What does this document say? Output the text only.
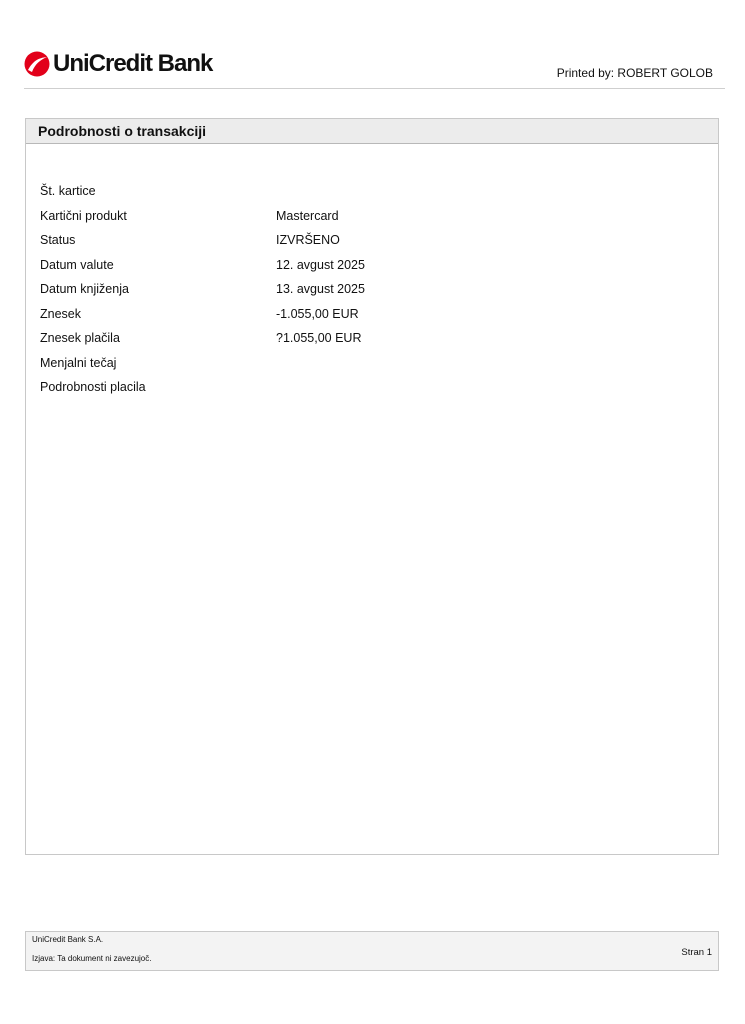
UniCredit Bank	Printed by: ROBERT GOLOB
Podrobnosti o transakciji
Št. kartice
Kartični produkt	Mastercard
Status	IZVRŠENO
Datum valute	12. avgust 2025
Datum knjiženja	13. avgust 2025
Znesek	-1.055,00 EUR
Znesek plačila	?1.055,00 EUR
Menjalni tečaj
Podrobnosti placila
UniCredit Bank S.A.
Izjava: Ta dokument ni zavezujoč.
Stran 1
